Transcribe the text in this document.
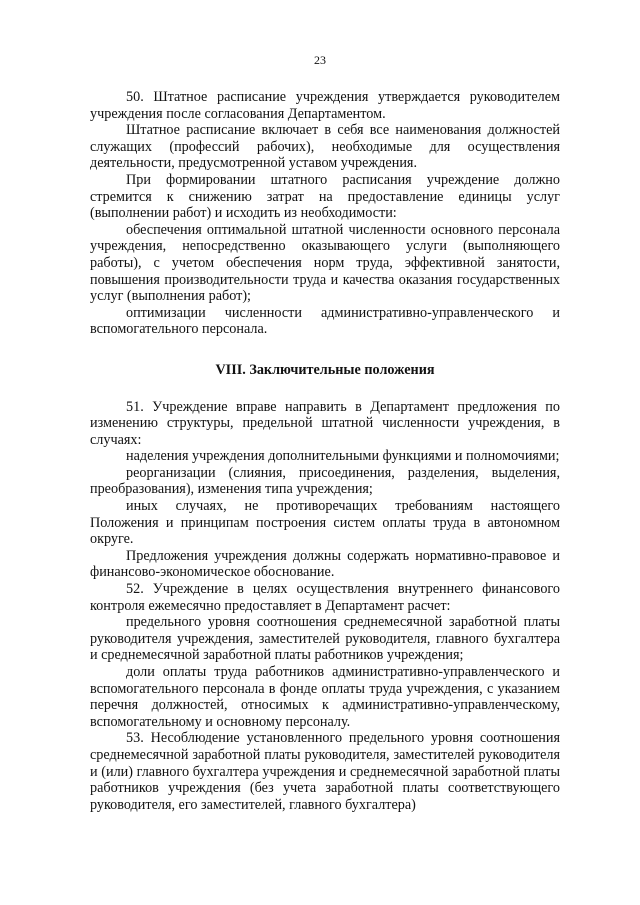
23

50. Штатное расписание учреждения утверждается руководителем учреждения после согласования Департаментом.

Штатное расписание включает в себя все наименования должностей служащих (профессий рабочих), необходимые для осуществления деятельности, предусмотренной уставом учреждения.

При формировании штатного расписания учреждение должно стремится к снижению затрат на предоставление единицы услуг (выполнении работ) и исходить из необходимости:

обеспечения оптимальной штатной численности основного персонала учреждения, непосредственно оказывающего услуги (выполняющего работы), с учетом обеспечения норм труда, эффективной занятости, повышения производительности труда и качества оказания государственных услуг (выполнения работ);

оптимизации численности административно-управленческого и вспомогательного персонала.

VIII. Заключительные положения

51. Учреждение вправе направить в Департамент предложения по изменению структуры, предельной штатной численности учреждения, в случаях:

наделения учреждения дополнительными функциями и полномочиями;

реорганизации (слияния, присоединения, разделения, выделения, преобразования), изменения типа учреждения;

иных случаях, не противоречащих требованиям настоящего Положения и принципам построения систем оплаты труда в автономном округе.

Предложения учреждения должны содержать нормативно-правовое и финансово-экономическое обоснование.

52. Учреждение в целях осуществления внутреннего финансового контроля ежемесячно предоставляет в Департамент расчет:

предельного уровня соотношения среднемесячной заработной платы руководителя учреждения, заместителей руководителя, главного бухгалтера и среднемесячной заработной платы работников учреждения;

доли оплаты труда работников административно-управленческого и вспомогательного персонала в фонде оплаты труда учреждения, с указанием перечня должностей, относимых к административно-управленческому, вспомогательному и основному персоналу.

53. Несоблюдение установленного предельного уровня соотношения среднемесячной заработной платы руководителя, заместителей руководителя и (или) главного бухгалтера учреждения и среднемесячной заработной платы работников учреждения (без учета заработной платы соответствующего руководителя, его заместителей, главного бухгалтера)
